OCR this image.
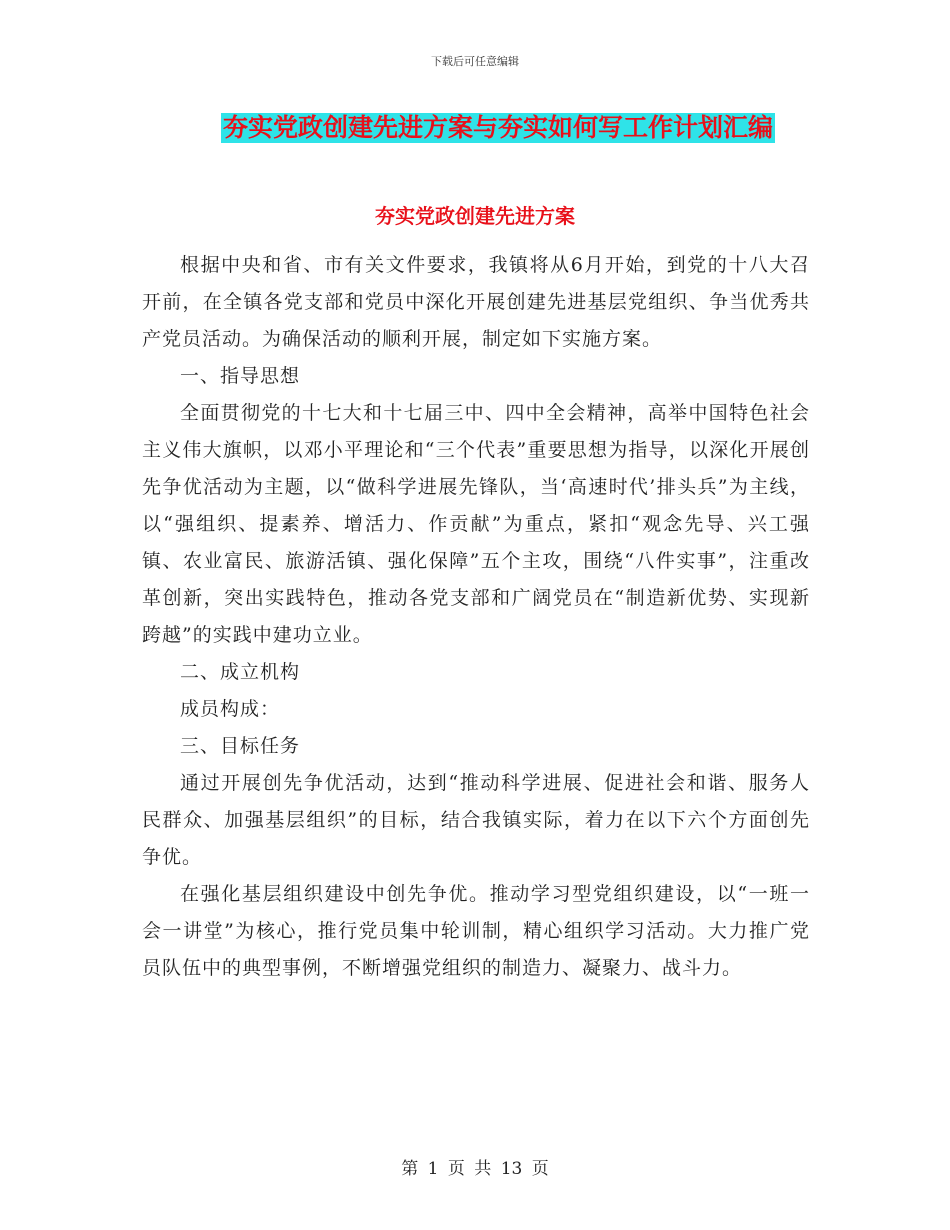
下载后可任意编辑
夯实党政创建先进方案与夯实如何写工作计划汇编
夯实党政创建先进方案

根据中央和省、市有关文件要求，我镇将从6月开始，到党的十八大召开前，在全镇各党支部和党员中深化开展创建先进基层党组织、争当优秀共产党员活动。为确保活动的顺利开展，制定如下实施方案。

一、指导思想

全面贯彻党的十七大和十七届三中、四中全会精神，高举中国特色社会主义伟大旗帜，以邓小平理论和“三个代表”重要思想为指导，以深化开展创先争优活动为主题，以“做科学进展先锋队，当‘高速时代’排头兵”为主线，以“强组织、提素养、增活力、作贡献”为重点，紧扣“观念先导、兴工强镇、农业富民、旅游活镇、强化保障”五个主攻，围绕“八件实事”，注重改革创新，突出实践特色，推动各党支部和广阔党员在“制造新优势、实现新跨越”的实践中建功立业。

二、成立机构

成员构成：

三、目标任务

通过开展创先争优活动，达到“推动科学进展、促进社会和谐、服务人民群众、加强基层组织”的目标，结合我镇实际，着力在以下六个方面创先争优。

在强化基层组织建设中创先争优。推动学习型党组织建设，以“一班一会一讲堂”为核心，推行党员集中轮训制，精心组织学习活动。大力推广党员队伍中的典型事例，不断增强党组织的制造力、凝聚力、战斗力。

第 1 页 共 13 页
